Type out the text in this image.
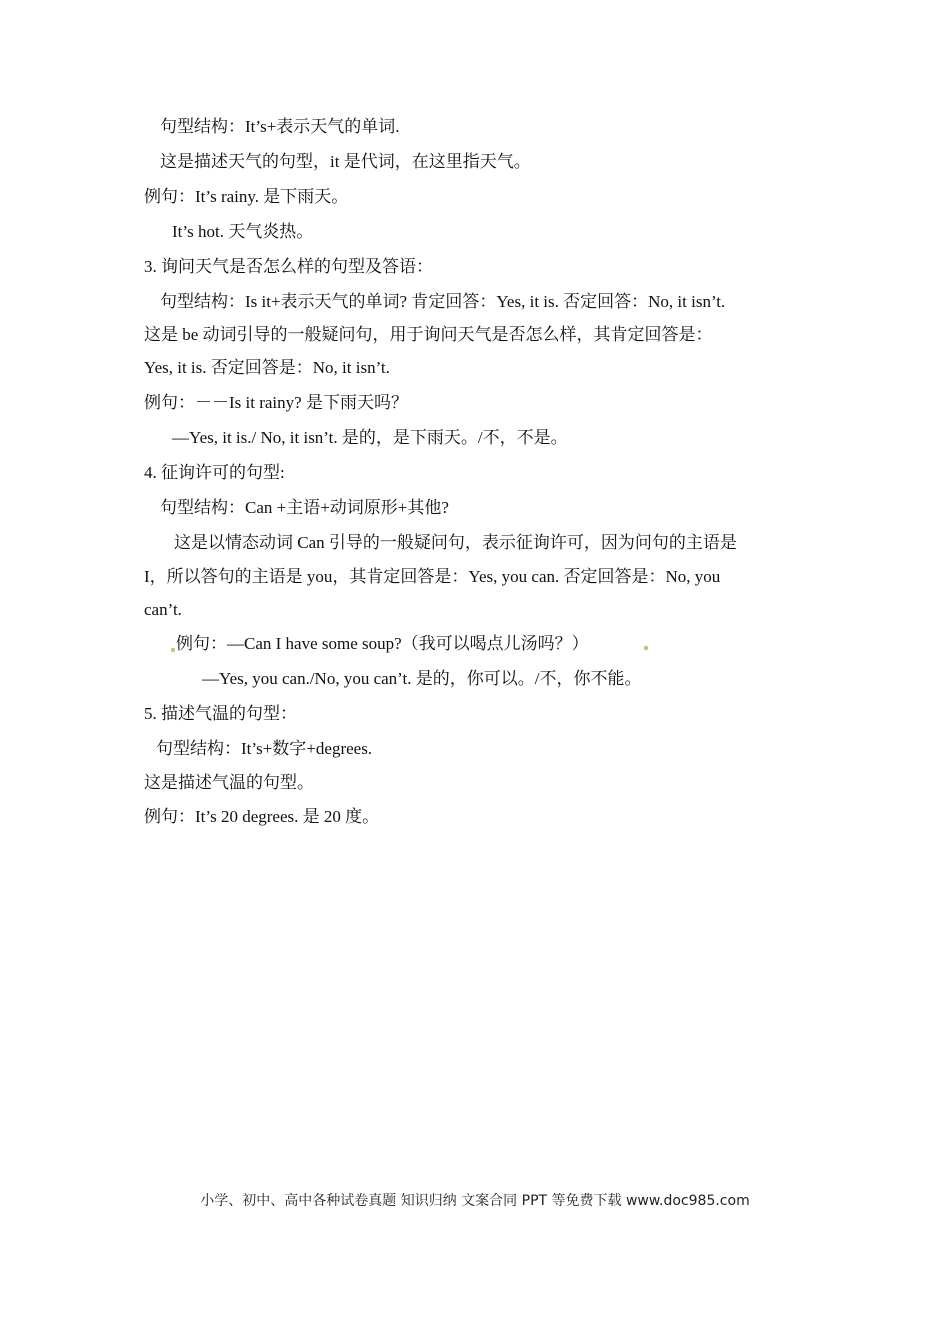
句型结构：It’s+表示天气的单词.
这是描述天气的句型，it 是代词，在这里指天气。
例句：It’s rainy. 是下雨天。
It’s hot. 天气炎热。
3. 询问天气是否怎么样的句型及答语：
句型结构：Is it+表示天气的单词? 肯定回答：Yes, it is. 否定回答：No, it isn’t.
这是 be 动词引导的一般疑问句，用于询问天气是否怎么样，其肯定回答是：
Yes, it is. 否定回答是：No, it isn’t.
例句：－－Is it rainy? 是下雨天吗？
—Yes, it is./ No, it isn’t. 是的，是下雨天。/不，不是。
4. 征询许可的句型:
句型结构：Can +主语+动词原形+其他?
这是以情态动词 Can 引导的一般疑问句，表示征询许可，因为问句的主语是
I，所以答句的主语是 you，其肯定回答是：Yes, you can. 否定回答是：No, you
can’t.
例句：—Can I have some soup?（我可以喝点儿汤吗？）
—Yes, you can./No, you can’t. 是的，你可以。/不，你不能。
5. 描述气温的句型：
句型结构：It’s+数字+degrees.
这是描述气温的句型。
例句：It’s 20 degrees. 是 20 度。
小学、初中、高中各种试卷真题 知识归纳 文案合同 PPT 等免费下载 www.doc985.com
